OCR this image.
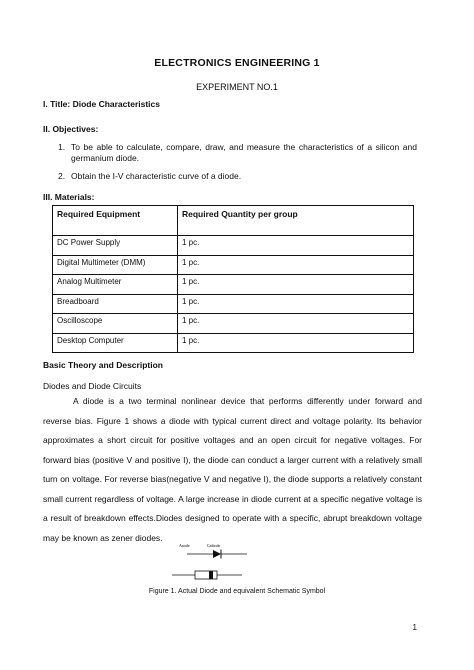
ELECTRONICS ENGINEERING 1
EXPERIMENT NO.1
I. Title: Diode Characteristics
II. Objectives:
1. To be able to calculate, compare, draw, and measure the characteristics of a silicon and germanium diode.
2. Obtain the I-V characteristic curve of a diode.
III. Materials:
Required Equipment	Required Quantity per group
DC Power Supply	1 pc.
Digital Multimeter (DMM)	1 pc.
Analog Multimeter	1 pc.
Breadboard	1 pc.
Oscilloscope	1 pc.
Desktop Computer	1 pc.
Basic Theory and Description
Diodes and Diode Circuits
A diode is a two terminal nonlinear device that performs differently under forward and reverse bias. Figure 1 shows a diode with typical current direct and voltage polarity. Its behavior approximates a short circuit for positive voltages and an open circuit for negative voltages. For forward bias (positive V and positive I), the diode can conduct a larger current with a relatively small turn on voltage. For reverse bias(negative V and negative I), the diode supports a relatively constant small current regardless of voltage. A large increase in diode current at a specific negative voltage is a result of breakdown effects.Diodes designed to operate with a specific, abrupt breakdown voltage may be known as zener diodes.
Anode	Cathode
Figure 1. Actual Diode and equivalent Schematic Symbol
1
